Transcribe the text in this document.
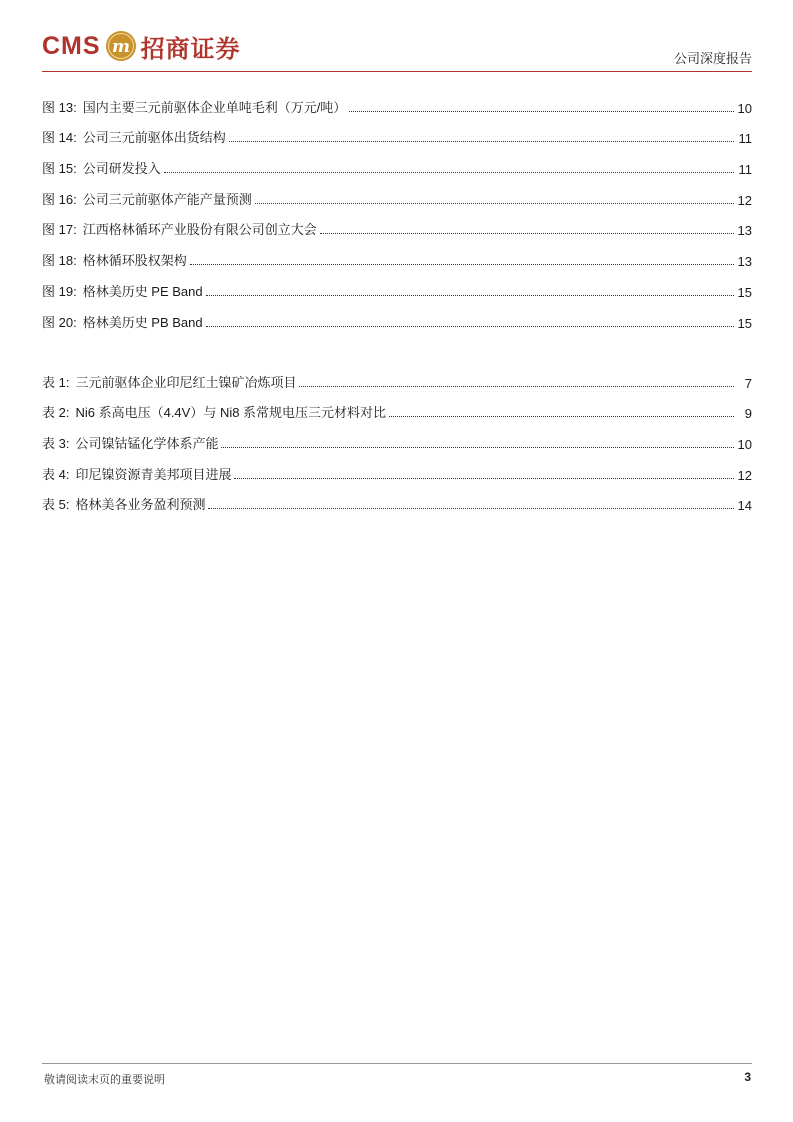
CMS m 招商证券	公司深度报告
图 13: 国内主要三元前驱体企业单吨毛利（万元/吨）	10
图 14: 公司三元前驱体出货结构	11
图 15: 公司研发投入	11
图 16: 公司三元前驱体产能产量预测	12
图 17: 江西格林循环产业股份有限公司创立大会	13
图 18: 格林循环股权架构	13
图 19: 格林美历史 PE Band	15
图 20: 格林美历史 PB Band	15
表 1: 三元前驱体企业印尼红土镍矿冶炼项目	7
表 2: Ni6 系高电压（4.4V）与 Ni8 系常规电压三元材料对比	9
表 3: 公司镍钴锰化学体系产能	10
表 4: 印尼镍资源青美邦项目进展	12
表 5: 格林美各业务盈利预测	14
敬请阅读末页的重要说明	3
